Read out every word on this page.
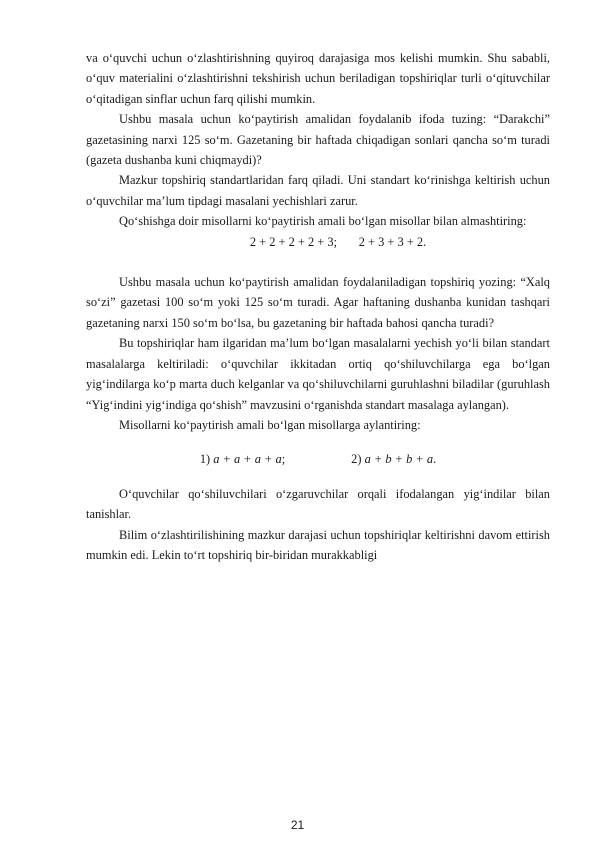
va o‘quvchi uchun o‘zlashtirishning quyiroq darajasiga mos kelishi mumkin. Shu sababli, o‘quv materialini o‘zlashtirishni tekshirish uchun beriladigan topshiriqlar turli o‘qituvchilar o‘qitadigan sinflar uchun farq qilishi mumkin.

Ushbu masala uchun ko‘paytirish amalidan foydalanib ifoda tuzing: “Darakchi” gazetasining narxi 125 so‘m. Gazetaning bir haftada chiqadigan sonlari qancha so‘m turadi (gazeta dushanba kuni chiqmaydi)?

Mazkur topshiriq standartlaridan farq qiladi. Uni standart ko‘rinishga keltirish uchun o‘quvchilar ma’lum tipdagi masalani yechishlari zarur.

Qo‘shishga doir misollarni ko‘paytirish amali bo‘lgan misollar bilan almashtiring:

2 + 2 + 2 + 2 + 3;       2 + 3 + 3 + 2.

Ushbu masala uchun ko‘paytirish amalidan foydalaniladigan topshiriq yozing: “Xalq so‘zi” gazetasi 100 so‘m yoki 125 so‘m turadi. Agar haftaning dushanba kunidan tashqari gazetaning narxi 150 so‘m bo‘lsa, bu gazetaning bir haftada bahosi qancha turadi?

Bu topshiriqlar ham ilgaridan ma’lum bo‘lgan masalalarni yechish yo‘li bilan standart masalalarga keltiriladi: o‘quvchilar ikkitadan ortiq qo‘shiluvchilarga ega bo‘lgan yig‘indilarga ko‘p marta duch kelganlar va qo‘shiluvchilarni guruhlashni biladilar (guruhlash “Yig‘indini yig‘indiga qo‘shish” mavzusini o‘rganishda standart masalaga aylangan).

Misollarni ko‘paytirish amali bo‘lgan misollarga aylantiring:

1) a + a + a + a;	2) a + b + b + a.

O‘quvchilar qo‘shiluvchilari o‘zgaruvchilar orqali ifodalangan yig‘indilar bilan tanishlar.

Bilim o‘zlashtirilishining mazkur darajasi uchun topshiriqlar keltirishni davom ettirish mumkin edi. Lekin to‘rt topshiriq bir-biridan murakkabligi

21
